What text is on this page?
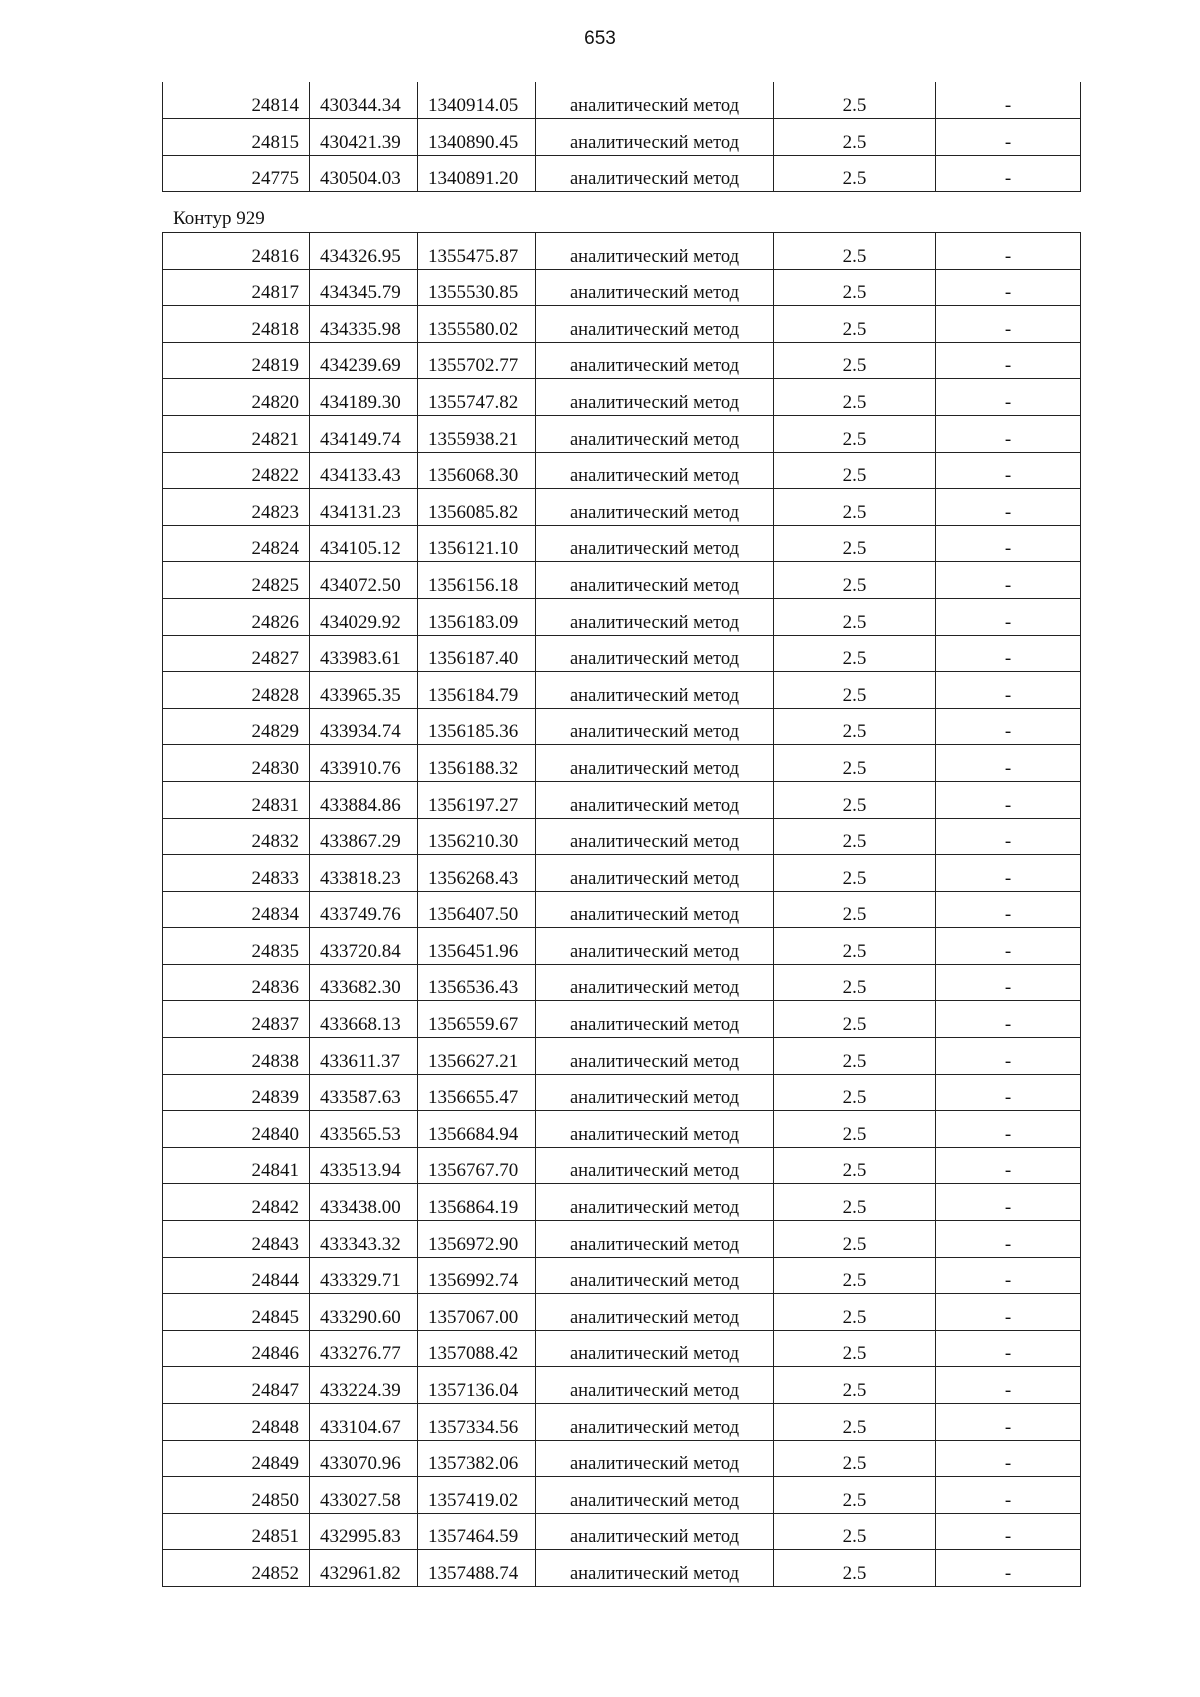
653
24814	430344.34	1340914.05	аналитический метод	2.5	-
24815	430421.39	1340890.45	аналитический метод	2.5	-
24775	430504.03	1340891.20	аналитический метод	2.5	-
Контур 929
24816	434326.95	1355475.87	аналитический метод	2.5	-
24817	434345.79	1355530.85	аналитический метод	2.5	-
24818	434335.98	1355580.02	аналитический метод	2.5	-
24819	434239.69	1355702.77	аналитический метод	2.5	-
24820	434189.30	1355747.82	аналитический метод	2.5	-
24821	434149.74	1355938.21	аналитический метод	2.5	-
24822	434133.43	1356068.30	аналитический метод	2.5	-
24823	434131.23	1356085.82	аналитический метод	2.5	-
24824	434105.12	1356121.10	аналитический метод	2.5	-
24825	434072.50	1356156.18	аналитический метод	2.5	-
24826	434029.92	1356183.09	аналитический метод	2.5	-
24827	433983.61	1356187.40	аналитический метод	2.5	-
24828	433965.35	1356184.79	аналитический метод	2.5	-
24829	433934.74	1356185.36	аналитический метод	2.5	-
24830	433910.76	1356188.32	аналитический метод	2.5	-
24831	433884.86	1356197.27	аналитический метод	2.5	-
24832	433867.29	1356210.30	аналитический метод	2.5	-
24833	433818.23	1356268.43	аналитический метод	2.5	-
24834	433749.76	1356407.50	аналитический метод	2.5	-
24835	433720.84	1356451.96	аналитический метод	2.5	-
24836	433682.30	1356536.43	аналитический метод	2.5	-
24837	433668.13	1356559.67	аналитический метод	2.5	-
24838	433611.37	1356627.21	аналитический метод	2.5	-
24839	433587.63	1356655.47	аналитический метод	2.5	-
24840	433565.53	1356684.94	аналитический метод	2.5	-
24841	433513.94	1356767.70	аналитический метод	2.5	-
24842	433438.00	1356864.19	аналитический метод	2.5	-
24843	433343.32	1356972.90	аналитический метод	2.5	-
24844	433329.71	1356992.74	аналитический метод	2.5	-
24845	433290.60	1357067.00	аналитический метод	2.5	-
24846	433276.77	1357088.42	аналитический метод	2.5	-
24847	433224.39	1357136.04	аналитический метод	2.5	-
24848	433104.67	1357334.56	аналитический метод	2.5	-
24849	433070.96	1357382.06	аналитический метод	2.5	-
24850	433027.58	1357419.02	аналитический метод	2.5	-
24851	432995.83	1357464.59	аналитический метод	2.5	-
24852	432961.82	1357488.74	аналитический метод	2.5	-
